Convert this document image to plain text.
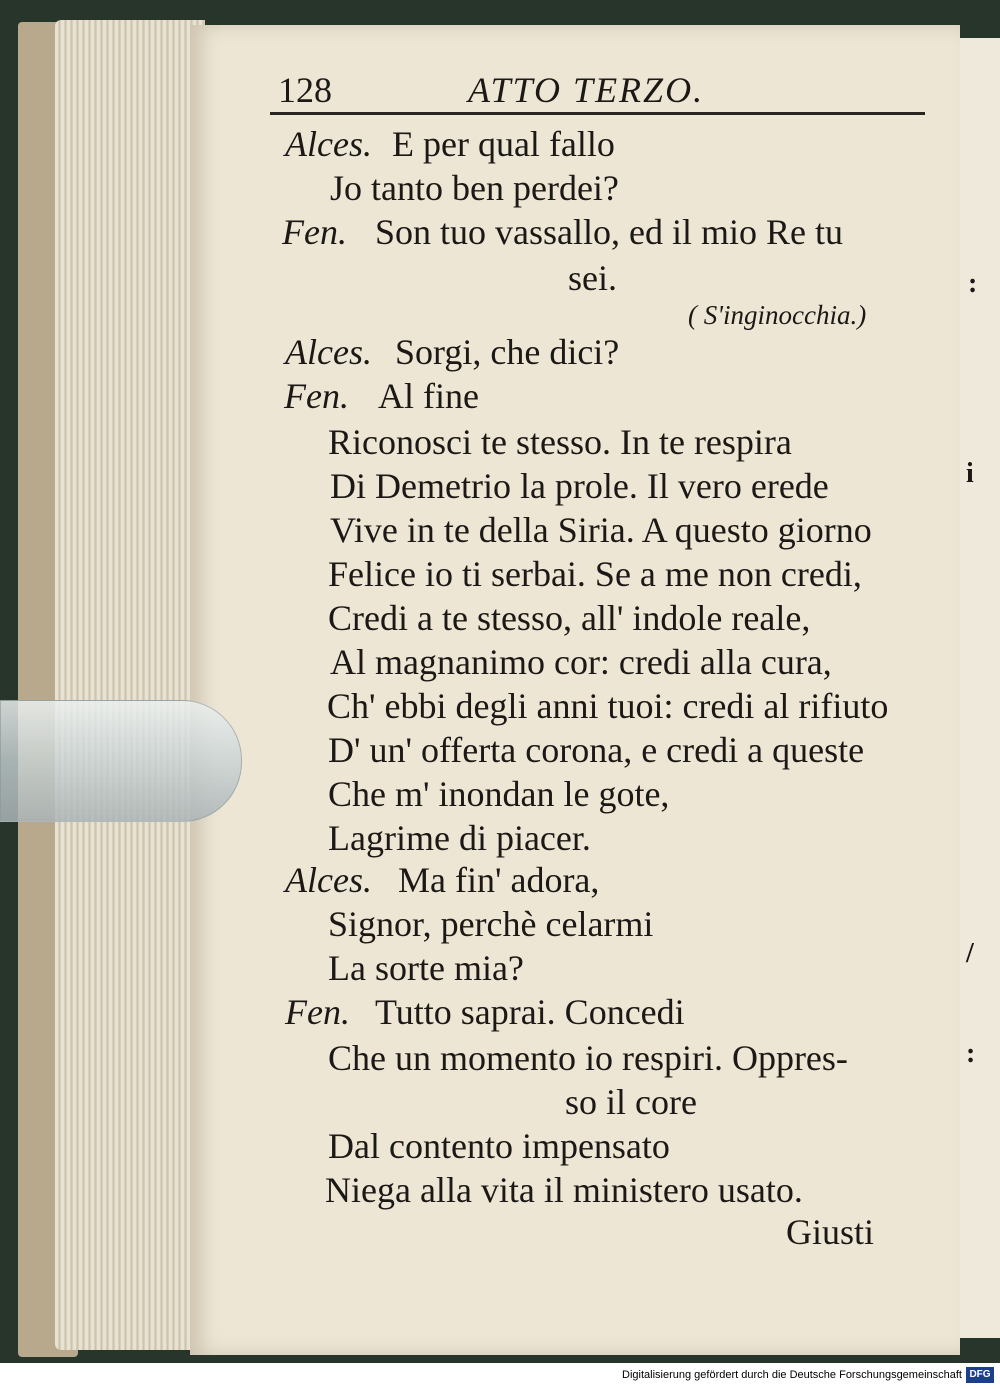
:
i
/
:
128	ATTO TERZO.
Alces. E per qual fallo
Jo tanto ben perdei?
Fen. Son tuo vassallo, ed il mio Re tu
sei.
( S'inginocchia.)
Alces. Sorgi, che dici?
Fen. Al fine
Riconosci te stesso. In te respira
Di Demetrio la prole. Il vero erede
Vive in te della Siria. A questo giorno
Felice io ti serbai. Se a me non credi,
Credi a te stesso, all' indole reale,
Al magnanimo cor: credi alla cura,
Ch' ebbi degli anni tuoi: credi al rifiuto
D' un' offerta corona, e credi a queste
Che m' inondan le gote,
Lagrime di piacer.
Alces. Ma fin' adora,
Signor, perchè celarmi
La sorte mia?
Fen. Tutto saprai. Concedi
Che un momento io respiri. Oppres-
so il core
Dal contento impensato
Niega alla vita il ministero usato.
Giusti
Digitalisierung gefördert durch die Deutsche Forschungsgemeinschaft DFG
